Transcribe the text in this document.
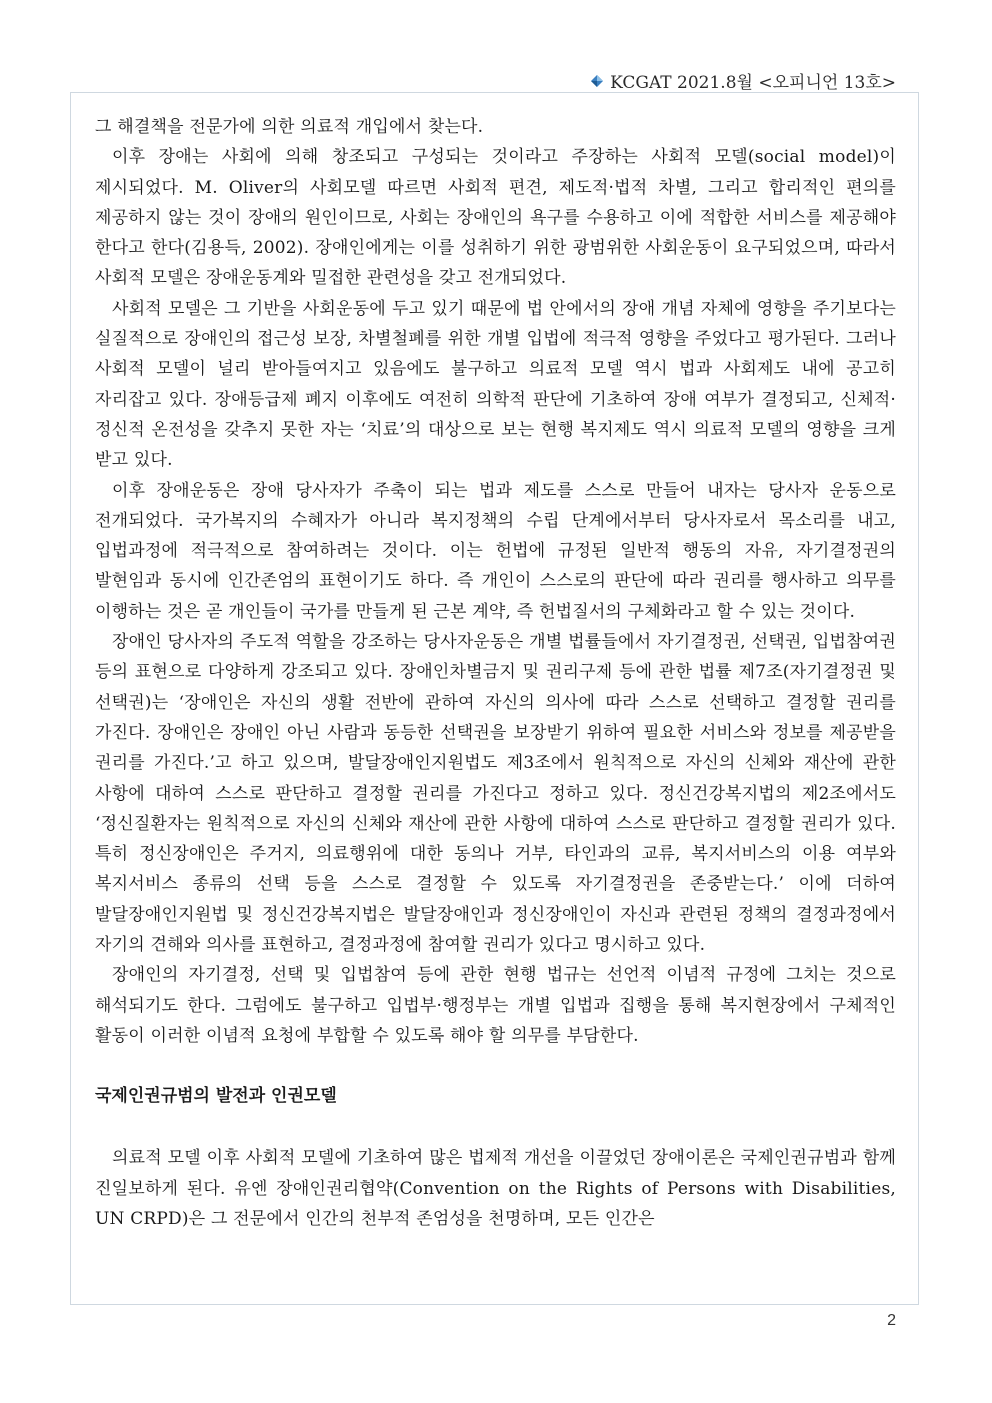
KCGAT 2021.8월 <오피니언 13호>

그 해결책을 전문가에 의한 의료적 개입에서 찾는다.

이후 장애는 사회에 의해 창조되고 구성되는 것이라고 주장하는 사회적 모델(social model)이 제시되었다. M. Oliver의 사회모델 따르면 사회적 편견, 제도적·법적 차별, 그리고 합리적인 편의를 제공하지 않는 것이 장애의 원인이므로, 사회는 장애인의 욕구를 수용하고 이에 적합한 서비스를 제공해야 한다고 한다(김용득, 2002). 장애인에게는 이를 성취하기 위한 광범위한 사회운동이 요구되었으며, 따라서 사회적 모델은 장애운동계와 밀접한 관련성을 갖고 전개되었다.

사회적 모델은 그 기반을 사회운동에 두고 있기 때문에 법 안에서의 장애 개념 자체에 영향을 주기보다는 실질적으로 장애인의 접근성 보장, 차별철폐를 위한 개별 입법에 적극적 영향을 주었다고 평가된다. 그러나 사회적 모델이 널리 받아들여지고 있음에도 불구하고 의료적 모델 역시 법과 사회제도 내에 공고히 자리잡고 있다. 장애등급제 폐지 이후에도 여전히 의학적 판단에 기초하여 장애 여부가 결정되고, 신체적·정신적 온전성을 갖추지 못한 자는 ‘치료’의 대상으로 보는 현행 복지제도 역시 의료적 모델의 영향을 크게 받고 있다.

이후 장애운동은 장애 당사자가 주축이 되는 법과 제도를 스스로 만들어 내자는 당사자 운동으로 전개되었다. 국가복지의 수혜자가 아니라 복지정책의 수립 단계에서부터 당사자로서 목소리를 내고, 입법과정에 적극적으로 참여하려는 것이다. 이는 헌법에 규정된 일반적 행동의 자유, 자기결정권의 발현임과 동시에 인간존엄의 표현이기도 하다. 즉 개인이 스스로의 판단에 따라 권리를 행사하고 의무를 이행하는 것은 곧 개인들이 국가를 만들게 된 근본 계약, 즉 헌법질서의 구체화라고 할 수 있는 것이다.

장애인 당사자의 주도적 역할을 강조하는 당사자운동은 개별 법률들에서 자기결정권, 선택권, 입법참여권 등의 표현으로 다양하게 강조되고 있다. 장애인차별금지 및 권리구제 등에 관한 법률 제7조(자기결정권 및 선택권)는 ‘장애인은 자신의 생활 전반에 관하여 자신의 의사에 따라 스스로 선택하고 결정할 권리를 가진다. 장애인은 장애인 아닌 사람과 동등한 선택권을 보장받기 위하여 필요한 서비스와 정보를 제공받을 권리를 가진다.’고 하고 있으며, 발달장애인지원법도 제3조에서 원칙적으로 자신의 신체와 재산에 관한 사항에 대하여 스스로 판단하고 결정할 권리를 가진다고 정하고 있다. 정신건강복지법의 제2조에서도 ‘정신질환자는 원칙적으로 자신의 신체와 재산에 관한 사항에 대하여 스스로 판단하고 결정할 권리가 있다. 특히 정신장애인은 주거지, 의료행위에 대한 동의나 거부, 타인과의 교류, 복지서비스의 이용 여부와 복지서비스 종류의 선택 등을 스스로 결정할 수 있도록 자기결정권을 존중받는다.’ 이에 더하여 발달장애인지원법 및 정신건강복지법은 발달장애인과 정신장애인이 자신과 관련된 정책의 결정과정에서 자기의 견해와 의사를 표현하고, 결정과정에 참여할 권리가 있다고 명시하고 있다.

장애인의 자기결정, 선택 및 입법참여 등에 관한 현행 법규는 선언적 이념적 규정에 그치는 것으로 해석되기도 한다. 그럼에도 불구하고 입법부·행정부는 개별 입법과 집행을 통해 복지현장에서 구체적인 활동이 이러한 이념적 요청에 부합할 수 있도록 해야 할 의무를 부담한다.

국제인권규범의 발전과 인권모델

의료적 모델 이후 사회적 모델에 기초하여 많은 법제적 개선을 이끌었던 장애이론은 국제인권규범과 함께 진일보하게 된다. 유엔 장애인권리협약(Convention on the Rights of Persons with Disabilities, UN CRPD)은 그 전문에서 인간의 천부적 존엄성을 천명하며, 모든 인간은

2
